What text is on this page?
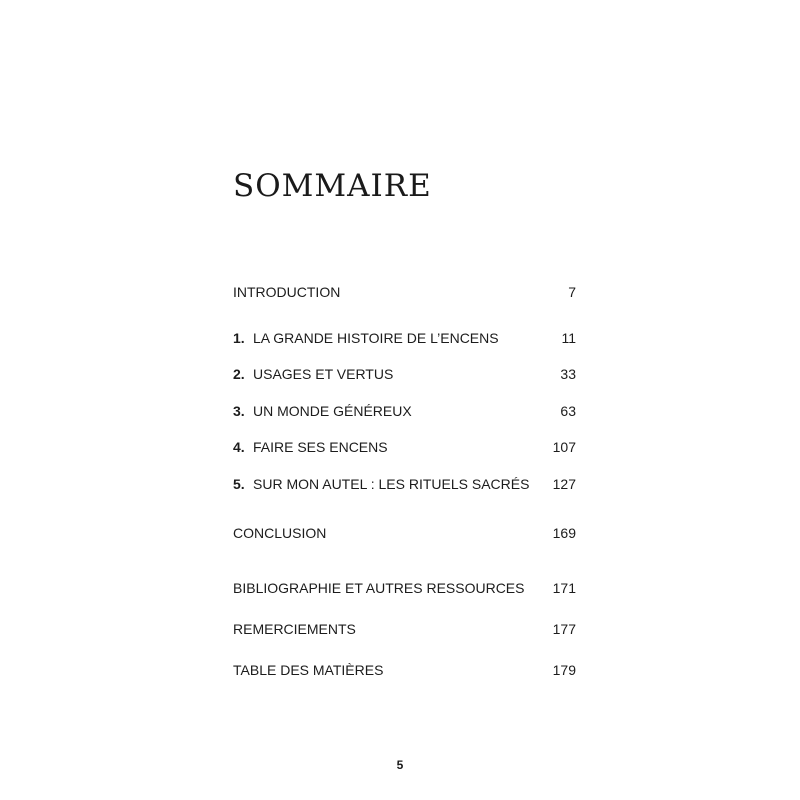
SOMMAIRE
INTRODUCTION	7
1. LA GRANDE HISTOIRE DE L’ENCENS	11
2. USAGES ET VERTUS	33
3. UN MONDE GÉNÉREUX	63
4. FAIRE SES ENCENS	107
5. SUR MON AUTEL : LES RITUELS SACRÉS 127
CONCLUSION	169
BIBLIOGRAPHIE ET AUTRES RESSOURCES 171
REMERCIEMENTS	177
TABLE DES MATIÈRES	179
5
